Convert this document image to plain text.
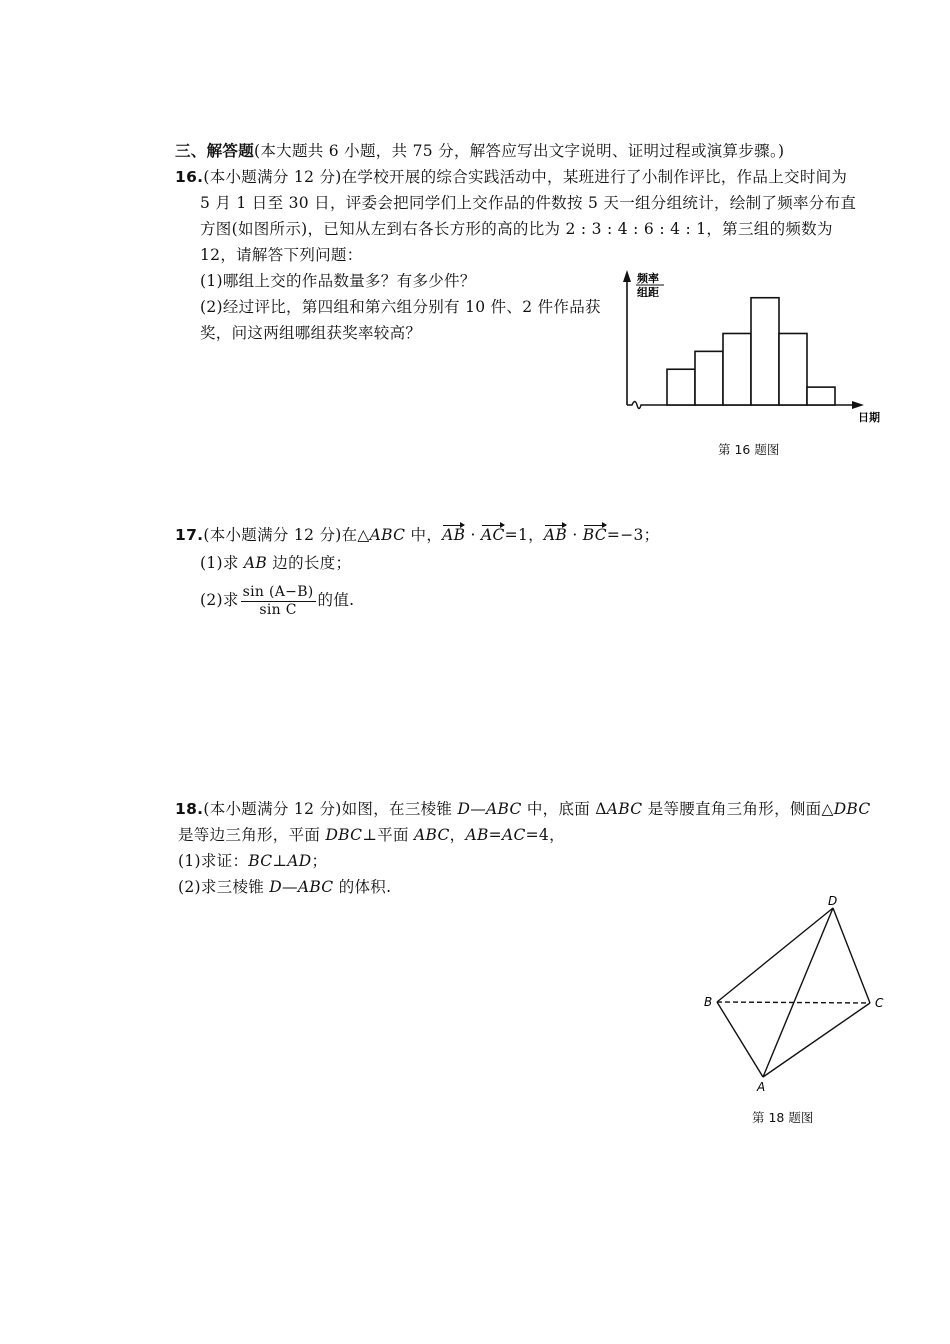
三、解答题(本大题共 6 小题，共 75 分，解答应写出文字说明、证明过程或演算步骤。)
16.(本小题满分 12 分)在学校开展的综合实践活动中，某班进行了小制作评比，作品上交时间为
5 月 1 日至 30 日，评委会把同学们上交作品的件数按 5 天一组分组统计，绘制了频率分布直
方图(如图所示)，已知从左到右各长方形的高的比为 2 : 3 : 4 : 6 : 4 : 1，第三组的频数为
12，请解答下列问题：
(1)哪组上交的作品数量多？有多少件？
(2)经过评比，第四组和第六组分别有 10 件、2 件作品获
奖，问这两组哪组获奖率较高？
频率
组距
日期
第 16 题图
17.(本小题满分 12 分)在△ABC 中，AB · AC=1，AB · BC=−3；
(1)求 AB 边的长度；
(2)求 $\frac{\sin (A-B)}{\text{sin C}}$ 的值.
18.(本小题满分 12 分)如图，在三棱锥 D—ABC 中，底面 ΔABC 是等腰直角三角形，侧面△DBC
是等边三角形，平面 DBC⊥平面 ABC，AB=AC=4，
(1)求证：BC⊥AD；
(2)求三棱锥 D—ABC 的体积.
D
B	C
A
第 18 题图
